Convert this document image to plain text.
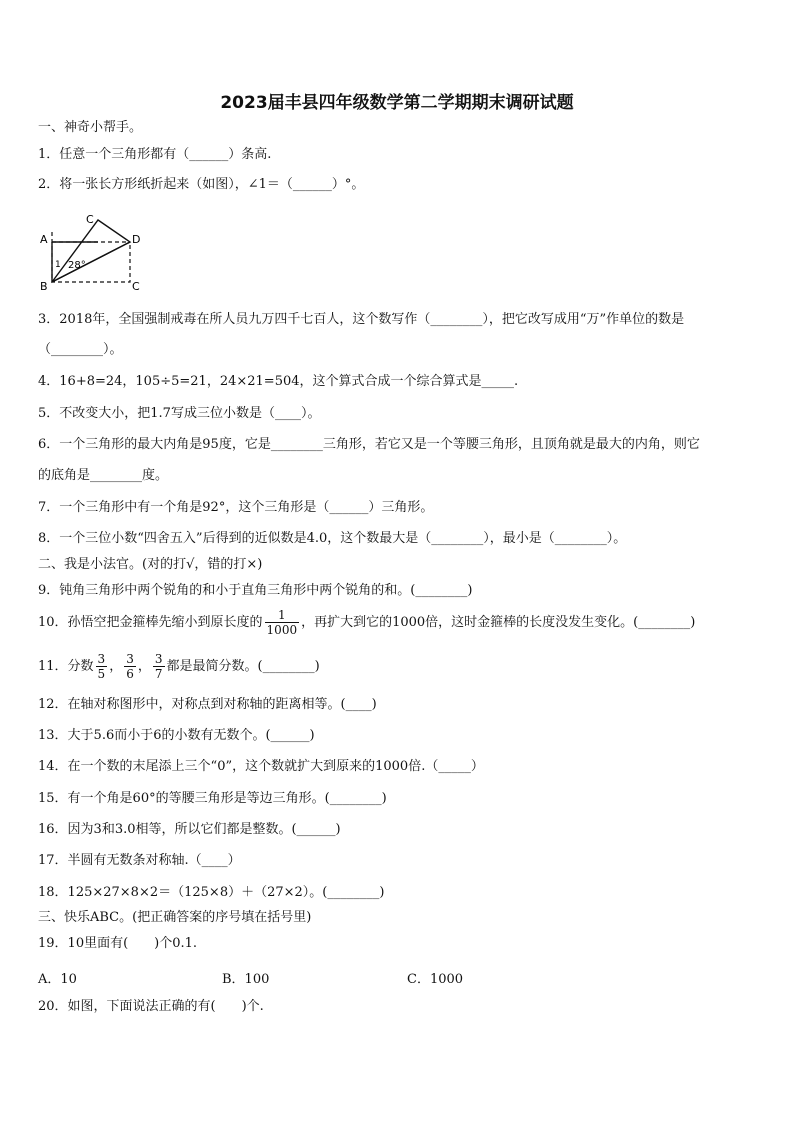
2023届丰县四年级数学第二学期期末调研试题
一、神奇小帮手。
1．任意一个三角形都有（______）条高.
2．将一张长方形纸折起来（如图），∠1＝（______）°。
A
C
D
1 28°
B	C
3．2018年，全国强制戒毒在所人员九万四千七百人，这个数写作（________），把它改写成用“万”作单位的数是
（________）。
4．16+8=24，105÷5=21，24×21=504，这个算式合成一个综合算式是_____.
5．不改变大小，把1.7写成三位小数是（____）。
6．一个三角形的最大内角是95度，它是________三角形，若它又是一个等腰三角形，且顶角就是最大的内角，则它
的底角是________度。
7．一个三角形中有一个角是92°，这个三角形是（______）三角形。
8．一个三位小数“四舍五入”后得到的近似数是4.0，这个数最大是（________），最小是（________）。
二、我是小法官。(对的打√，错的打×)
9．钝角三角形中两个锐角的和小于直角三角形中两个锐角的和。(________)
10．孙悟空把金箍棒先缩小到原长度的 $\frac{1}{1000}$ ，再扩大到它的1000倍，这时金箍棒的长度没发生变化。(________)
11．分数 $\frac{3}{5}$ ， $\frac{3}{6}$ ， $\frac{3}{7}$ 都是最简分数。(________)
12．在轴对称图形中，对称点到对称轴的距离相等。(____)
13．大于5.6而小于6的小数有无数个。(______)
14．在一个数的末尾添上三个“0”，这个数就扩大到原来的1000倍.（_____）
15．有一个角是60°的等腰三角形是等边三角形。(________)
16．因为3和3.0相等，所以它们都是整数。(______)
17．半圆有无数条对称轴.（____）
18．125×27×8×2＝（125×8）＋（27×2）。(________)
三、快乐ABC。(把正确答案的序号填在括号里)
19．10里面有(　　)个0.1.
A．10	B．100	C．1000
20．如图，下面说法正确的有(　　)个.
